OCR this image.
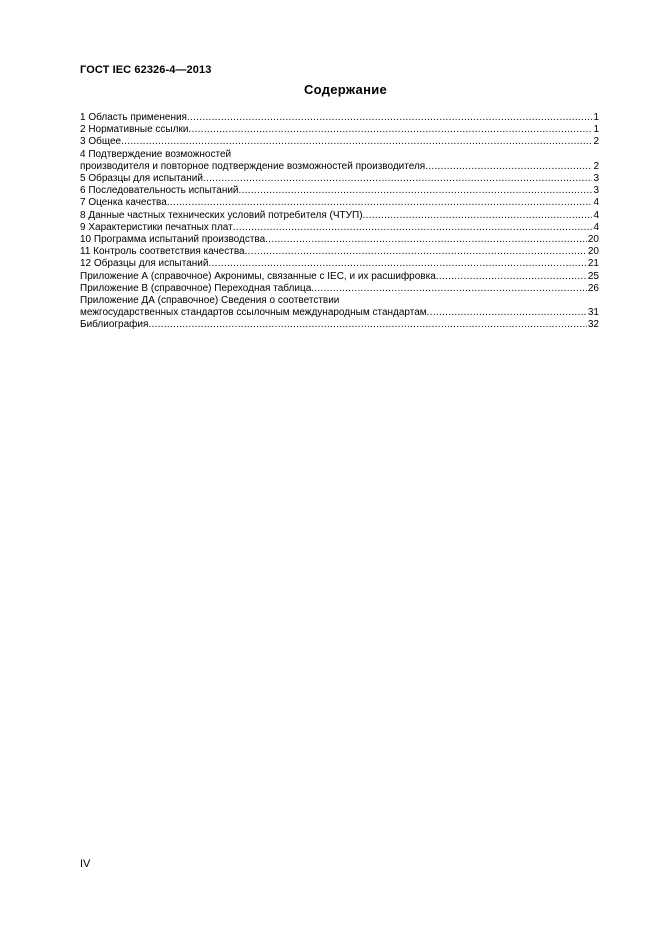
ГОСТ IEC 62326-4—2013
Содержание
1 Область применения .....	1
2 Нормативные ссылки .....	1
3 Общее .....	2
4 Подтверждение возможностей
производителя и повторное подтверждение возможностей производителя .....	2
5 Образцы для испытаний .....	3
6 Последовательность испытаний .....	3
7 Оценка качества .....	4
8 Данные частных технических условий потребителя (ЧТУП) .....	4
9 Характеристики печатных плат .....	4
10 Программа испытаний производства .....	20
11 Контроль соответствия качества .....	20
12 Образцы для испытаний .....	21
Приложение А (справочное) Акронимы, связанные с IEC, и их расшифровка .....	25
Приложение В (справочное) Переходная таблица .....	26
Приложение ДА (справочное) Сведения о соответствии
межгосударственных стандартов ссылочным международным стандартам .....	31
Библиография .....	32
IV
